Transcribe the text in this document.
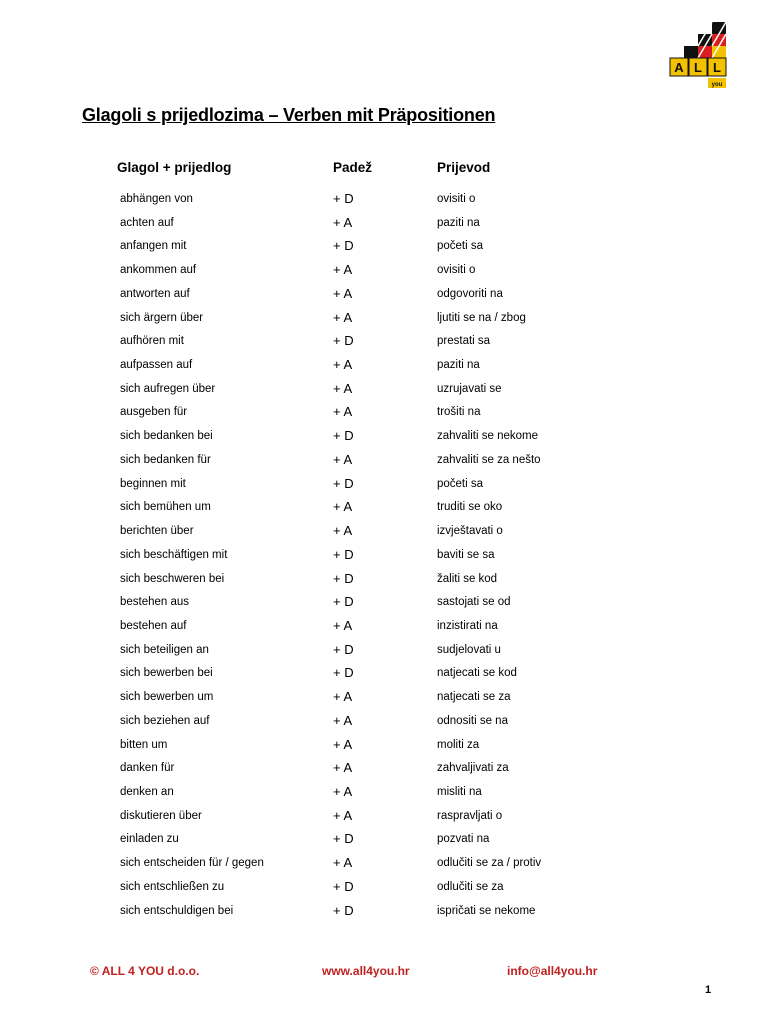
A L L
you
Glagoli s prijedlozima – Verben mit Präpositionen
Glagol + prijedlog	Padež	Prijevod
abhängen von	+ D	ovisiti o
achten auf	+ A	paziti na
anfangen mit	+ D	početi sa
ankommen auf	+ A	ovisiti o
antworten auf	+ A	odgovoriti na
sich ärgern über	+ A	ljutiti se na / zbog
aufhören mit	+ D	prestati sa
aufpassen auf	+ A	paziti na
sich aufregen über	+ A	uzrujavati se
ausgeben für	+ A	trošiti na
sich bedanken bei	+ D	zahvaliti se nekome
sich bedanken für	+ A	zahvaliti se za nešto
beginnen mit	+ D	početi sa
sich bemühen um	+ A	truditi se oko
berichten über	+ A	izvještavati o
sich beschäftigen mit	+ D	baviti se sa
sich beschweren bei	+ D	žaliti se kod
bestehen aus	+ D	sastojati se od
bestehen auf	+ A	inzistirati na
sich beteiligen an	+ D	sudjelovati u
sich bewerben bei	+ D	natjecati se kod
sich bewerben um	+ A	natjecati se za
sich beziehen auf	+ A	odnositi se na
bitten um	+ A	moliti za
danken für	+ A	zahvaljivati za
denken an	+ A	misliti na
diskutieren über	+ A	raspravljati o
einladen zu	+ D	pozvati na
sich entscheiden für / gegen	+ A	odlučiti se za / protiv
sich entschließen zu	+ D	odlučiti se za
sich entschuldigen bei	+ D	ispričati se nekome
© ALL 4 YOU d.o.o.	www.all4you.hr	info@all4you.hr
1
